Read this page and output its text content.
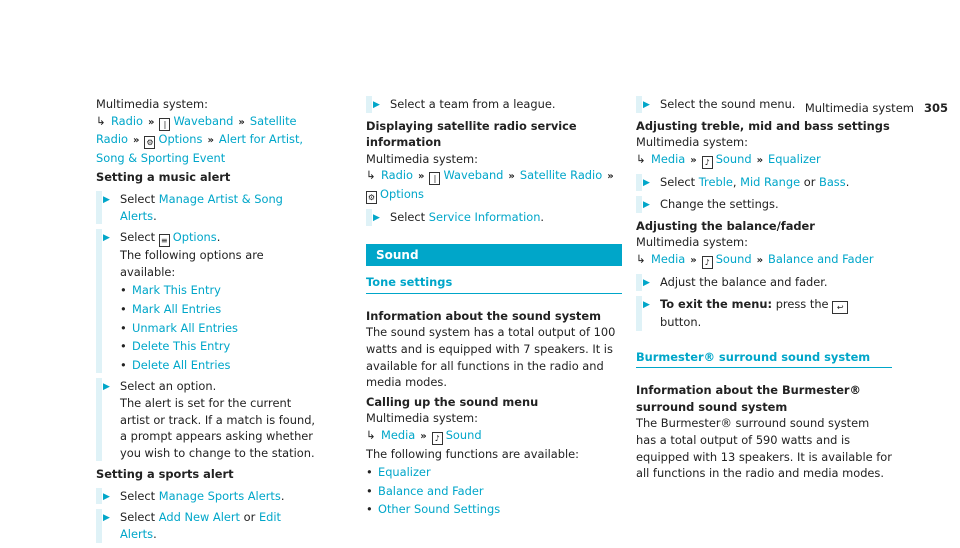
Multimedia system 305
Multimedia system:
↳ Radio » | Waveband » Satellite Radio » ⚙ Options » Alert for Artist, Song & Sporting Event
Setting a music alert
▶
Select Manage Artist & Song Alerts.
▶
Select ≡ Options.
The following options are available:
• Mark This Entry
• Mark All Entries
• Unmark All Entries
• Delete This Entry
• Delete All Entries
▶
Select an option.
The alert is set for the current artist or track. If a match is found, a prompt appears asking whether you wish to change to the station.
Setting a sports alert
▶
Select Manage Sports Alerts.
▶
Select Add New Alert or Edit Alerts.
▶
Select a team from a league.
Displaying satellite radio service information
Multimedia system:
↳ Radio » | Waveband » Satellite Radio »⚙ Options
▶
Select Service Information.
Sound
Tone settings
Information about the sound system
The sound system has a total output of 100 watts and is equipped with 7 speakers. It is available for all functions in the radio and media modes.
Calling up the sound menu
Multimedia system:
↳ Media » ♪ Sound
The following functions are available:
• Equalizer
• Balance and Fader
• Other Sound Settings
▶
Select the sound menu.
Adjusting treble, mid and bass settings
Multimedia system:
↳ Media » ♪ Sound » Equalizer
▶
Select Treble, Mid Range or Bass.
▶
Change the settings.
Adjusting the balance/fader
Multimedia system:
↳ Media » ♪ Sound » Balance and Fader
▶
Adjust the balance and fader.
▶
To exit the menu: press the ↩button.
Burmester® surround sound system
Information about the Burmester® surround sound system
The Burmester® surround sound system has a total output of 590 watts and is equipped with 13 speakers. It is available for all functions in the radio and media modes.
